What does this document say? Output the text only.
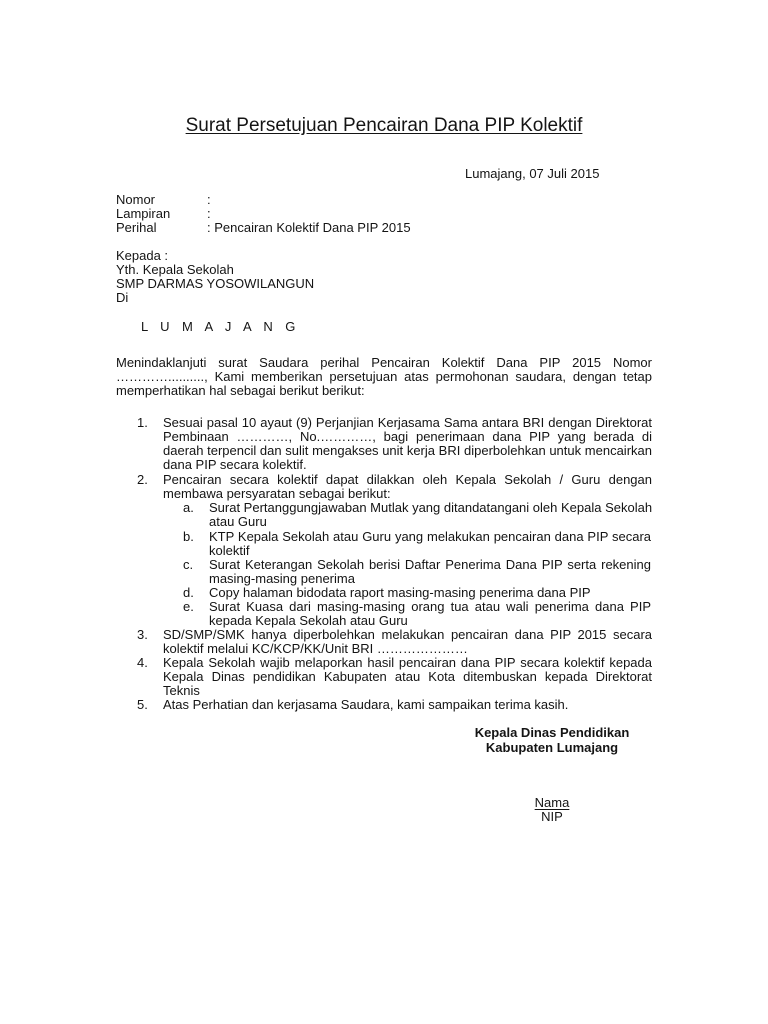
Surat Persetujuan Pencairan Dana PIP Kolektif
Lumajang, 07 Juli 2015
Nomor	:
Lampiran	:
Perihal	: Pencairan Kolektif Dana PIP 2015
Kepada :
Yth. Kepala Sekolah
SMP DARMAS YOSOWILANGUN
Di
L U M A J A N G
Menindaklanjuti surat Saudara perihal Pencairan Kolektif Dana PIP 2015 Nomor
………….........., Kami memberikan persetujuan atas permohonan saudara, dengan tetap
memperhatikan hal sebagai berikut berikut:
1. Sesuai pasal 10 ayaut (9) Perjanjian Kerjasama Sama antara BRI dengan Direktorat
Pembinaan …………, No.…………, bagi penerimaan dana PIP yang berada di
daerah terpencil dan sulit mengakses unit kerja BRI diperbolehkan untuk mencairkan
dana PIP secara kolektif.
2. Pencairan secara kolektif dapat dilakkan oleh Kepala Sekolah / Guru dengan
membawa persyaratan sebagai berikut:
a. Surat Pertanggungjawaban Mutlak yang ditandatangani oleh Kepala Sekolah
atau Guru
b. KTP Kepala Sekolah atau Guru yang melakukan pencairan dana PIP secara
kolektif
c. Surat Keterangan Sekolah berisi Daftar Penerima Dana PIP serta rekening
masing-masing penerima
d. Copy halaman bidodata raport masing-masing penerima dana PIP
e. Surat Kuasa dari masing-masing orang tua atau wali penerima dana PIP
kepada Kepala Sekolah atau Guru
3. SD/SMP/SMK hanya diperbolehkan melakukan pencairan dana PIP 2015 secara
kolektif melalui KC/KCP/KK/Unit BRI …………………
4. Kepala Sekolah wajib melaporkan hasil pencairan dana PIP secara kolektif kepada
Kepala Dinas pendidikan Kabupaten atau Kota ditembuskan kepada Direktorat
Teknis
5. Atas Perhatian dan kerjasama Saudara, kami sampaikan terima kasih.
Kepala Dinas Pendidikan
Kabupaten Lumajang
Nama
NIP
